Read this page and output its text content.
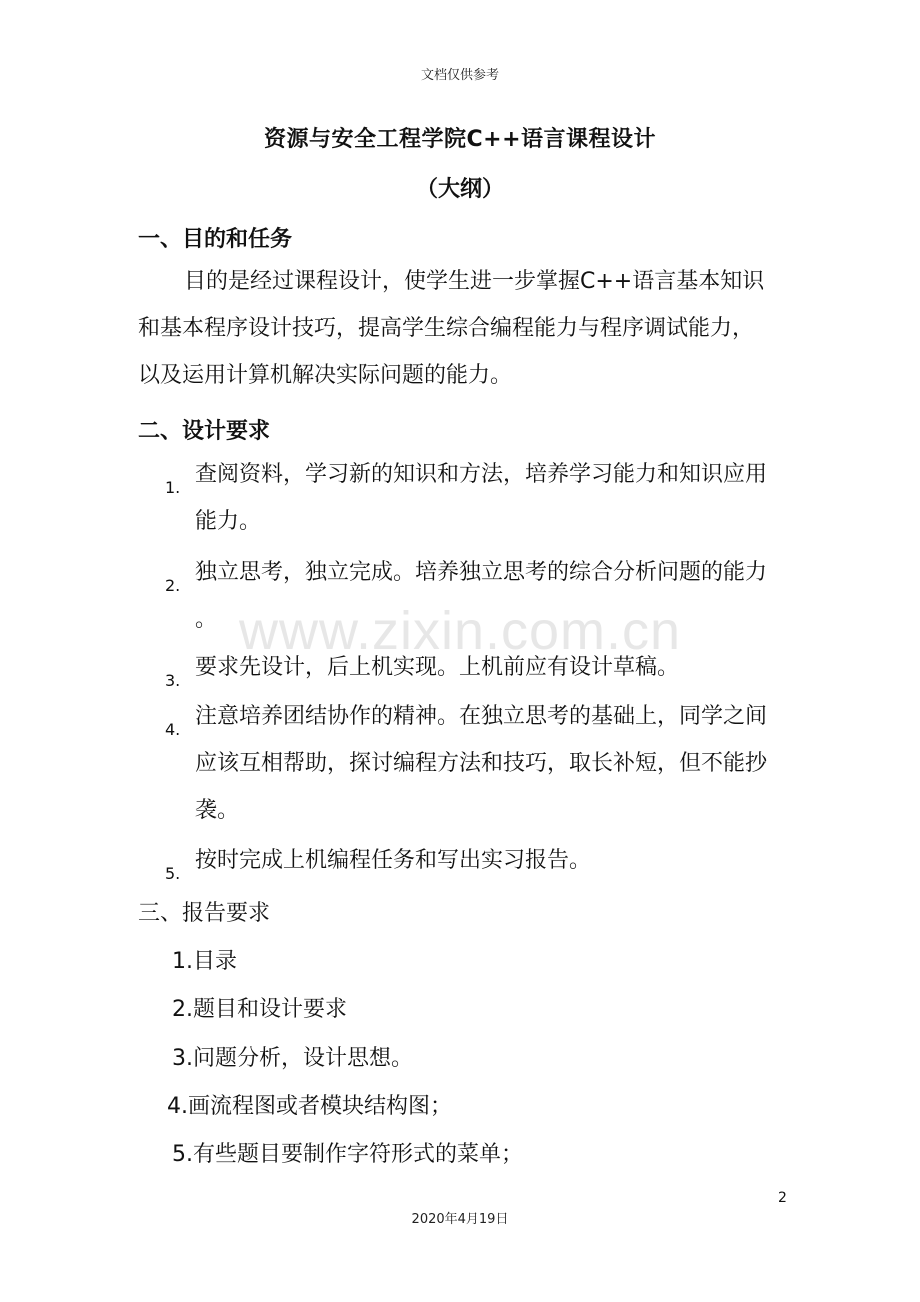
文档仅供参考
资源与安全工程学院C++语言课程设计
（大纲）
一、目的和任务

目的是经过课程设计，使学生进一步掌握C++语言基本知识

和基本程序设计技巧，提高学生综合编程能力与程序调试能力，

以及运用计算机解决实际问题的能力。

二、设计要求
1.

查阅资料，学习新的知识和方法，培养学习能力和知识应用

能力。

2.

独立思考，独立完成。培养独立思考的综合分析问题的能力

。

3.

要求先设计，后上机实现。上机前应有设计草稿。

4.

注意培养团结协作的精神。在独立思考的基础上，同学之间

应该互相帮助，探讨编程方法和技巧，取长补短，但不能抄

袭。

5.

按时完成上机编程任务和写出实习报告。

三、报告要求
1.目录
2.题目和设计要求
3.问题分析，设计思想。
4.画流程图或者模块结构图；
5.有些题目要制作字符形式的菜单；
www.zixin.com.cn
2
2020年4月19日
